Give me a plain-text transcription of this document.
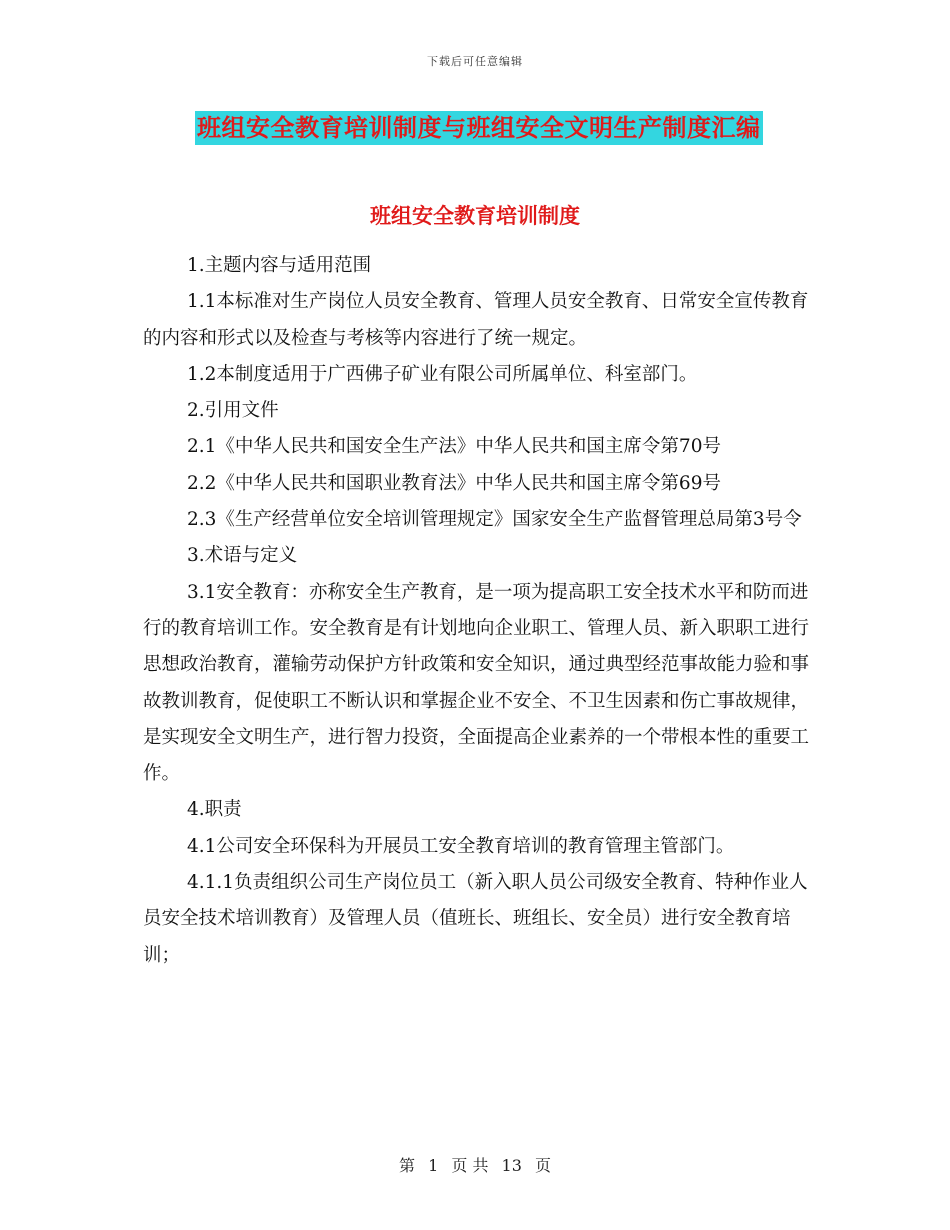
下载后可任意编辑
班组安全教育培训制度与班组安全文明生产制度汇编
班组安全教育培训制度

1.主题内容与适用范围

1.1本标准对生产岗位人员安全教育、管理人员安全教育、日常安全宣传教育的内容和形式以及检查与考核等内容进行了统一规定。

1.2本制度适用于广西佛子矿业有限公司所属单位、科室部门。

2.引用文件

2.1《中华人民共和国安全生产法》中华人民共和国主席令第70号

2.2《中华人民共和国职业教育法》中华人民共和国主席令第69号

2.3《生产经营单位安全培训管理规定》国家安全生产监督管理总局第3号令

3.术语与定义

3.1安全教育：亦称安全生产教育，是一项为提高职工安全技术水平和防而进行的教育培训工作。安全教育是有计划地向企业职工、管理人员、新入职职工进行思想政治教育，灌输劳动保护方针政策和安全知识，通过典型经范事故能力验和事故教训教育，促使职工不断认识和掌握企业不安全、不卫生因素和伤亡事故规律，是实现安全文明生产，进行智力投资，全面提高企业素养的一个带根本性的重要工作。

4.职责

4.1公司安全环保科为开展员工安全教育培训的教育管理主管部门。

4.1.1负责组织公司生产岗位员工（新入职人员公司级安全教育、特种作业人员安全技术培训教育）及管理人员（值班长、班组长、安全员）进行安全教育培训；

第 1 页 共 13 页
